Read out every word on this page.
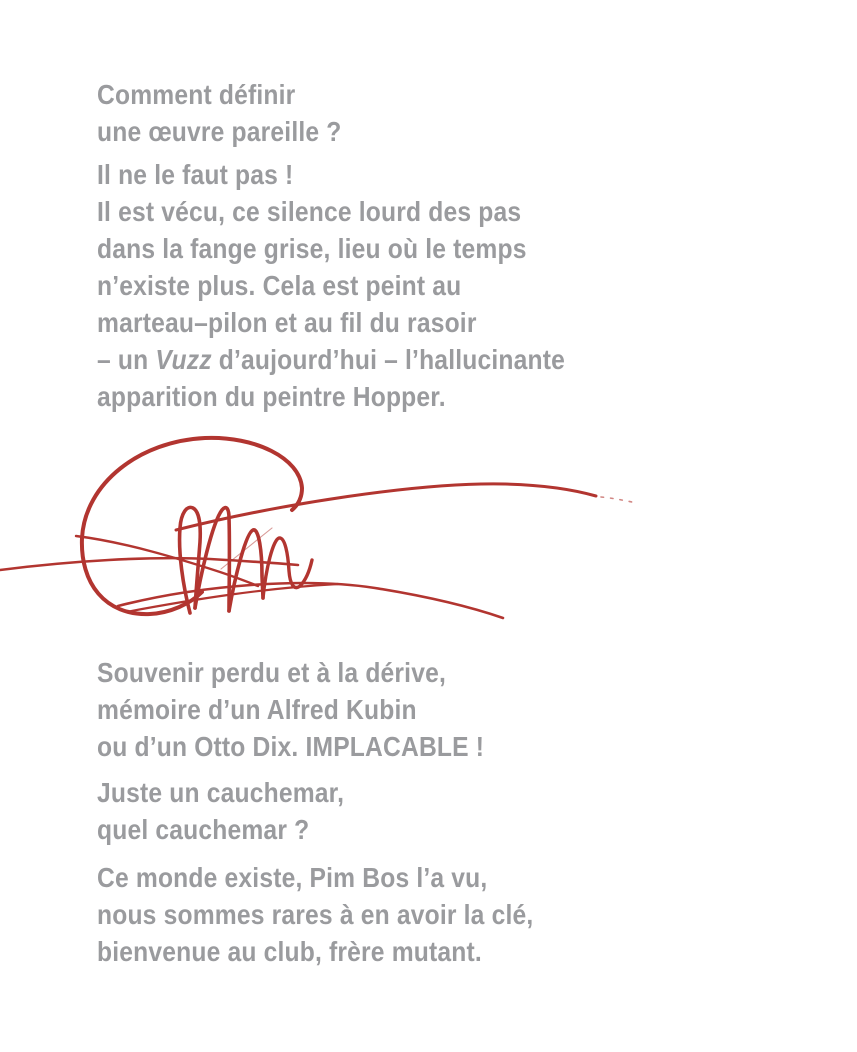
Comment définir
une œuvre pareille ?
Il ne le faut pas !
Il est vécu, ce silence lourd des pas
dans la fange grise, lieu où le temps
n’existe plus. Cela est peint au
marteau–pilon et au fil du rasoir
– un Vuzz d’aujourd’hui – l’hallucinante
apparition du peintre Hopper.
Souvenir perdu et à la dérive,
mémoire d’un Alfred Kubin
ou d’un Otto Dix. IMPLACABLE !
Juste un cauchemar,
quel cauchemar ?
Ce monde existe, Pim Bos l’a vu,
nous sommes rares à en avoir la clé,
bienvenue au club, frère mutant.
